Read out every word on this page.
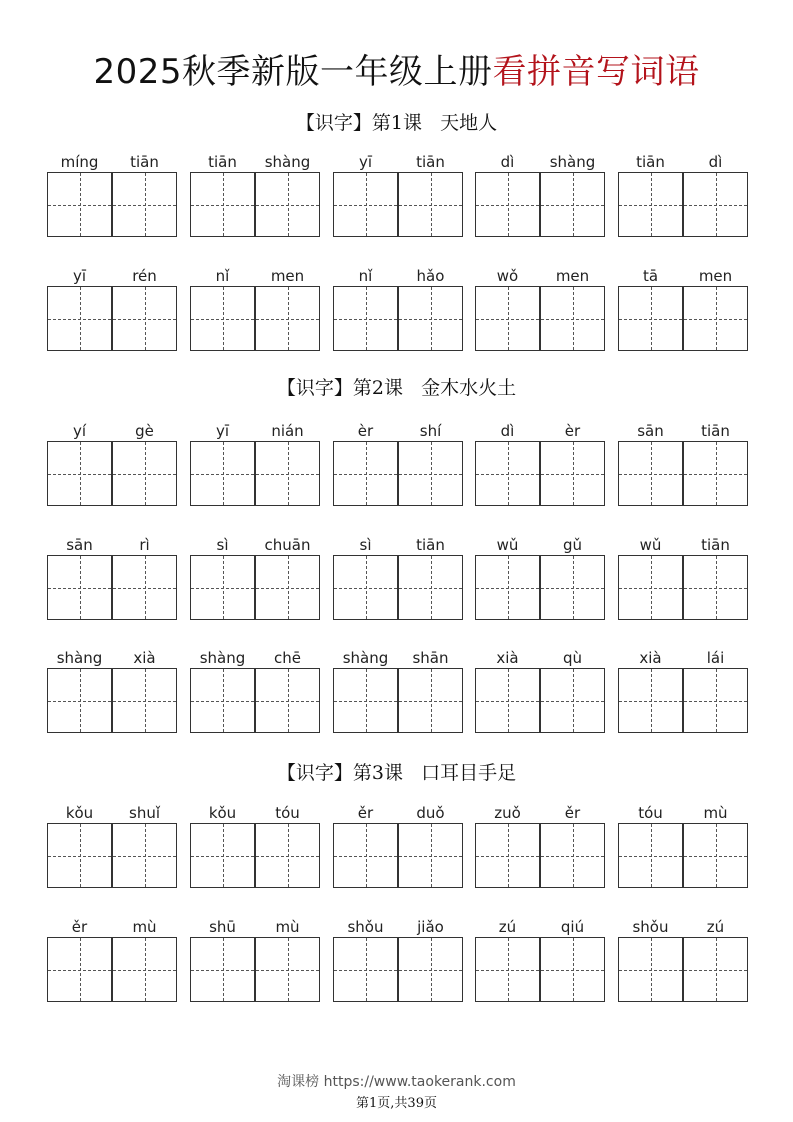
2025秋季新版一年级上册看拼音写词语
【识字】第1课   天地人
【识字】第2课   金木水火土
【识字】第3课   口耳目手足
míng	tiān	tiān	shàng	yī	tiān	dì	shàng	tiān	dì
yī	rén	nǐ	men	nǐ	hǎo	wǒ	men	tā	men
yí	gè	yī	nián	èr	shí	dì	èr	sān	tiān
sān	rì	sì	chuān	sì	tiān	wǔ	gǔ	wǔ	tiān
shàng	xià	shàng	chē	shàng	shān	xià	qù	xià	lái
kǒu	shuǐ	kǒu	tóu	ěr	duǒ	zuǒ	ěr	tóu	mù
ěr	mù	shū	mù	shǒu	jiǎo	zú	qiú	shǒu	zú
淘课榜 https://www.taokerank.com
第1页,共39页
